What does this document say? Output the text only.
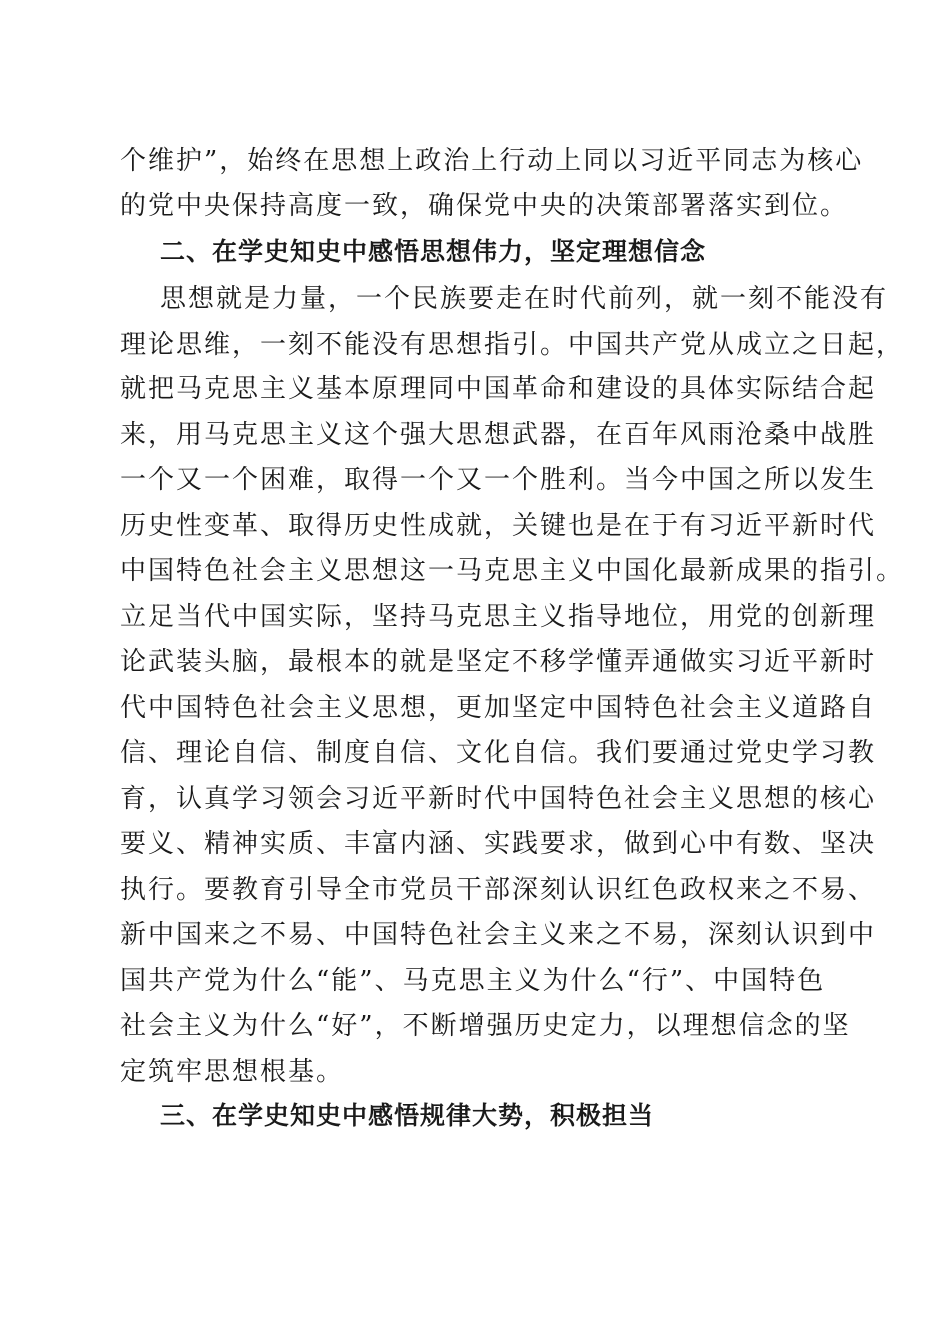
个维护”，始终在思想上政治上行动上同以习近平同志为核心
的党中央保持高度一致，确保党中央的决策部署落实到位。
二、在学史知史中感悟思想伟力，坚定理想信念
思想就是力量，一个民族要走在时代前列，就一刻不能没有
理论思维，一刻不能没有思想指引。中国共产党从成立之日起，
就把马克思主义基本原理同中国革命和建设的具体实际结合起
来，用马克思主义这个强大思想武器，在百年风雨沧桑中战胜
一个又一个困难，取得一个又一个胜利。当今中国之所以发生
历史性变革、取得历史性成就，关键也是在于有习近平新时代
中国特色社会主义思想这一马克思主义中国化最新成果的指引。
立足当代中国实际，坚持马克思主义指导地位，用党的创新理
论武装头脑，最根本的就是坚定不移学懂弄通做实习近平新时
代中国特色社会主义思想，更加坚定中国特色社会主义道路自
信、理论自信、制度自信、文化自信。我们要通过党史学习教
育，认真学习领会习近平新时代中国特色社会主义思想的核心
要义、精神实质、丰富内涵、实践要求，做到心中有数、坚决
执行。要教育引导全市党员干部深刻认识红色政权来之不易、
新中国来之不易、中国特色社会主义来之不易，深刻认识到中
国共产党为什么“能”、马克思主义为什么“行”、中国特色
社会主义为什么“好”，不断增强历史定力，以理想信念的坚
定筑牢思想根基。
三、在学史知史中感悟规律大势，积极担当
